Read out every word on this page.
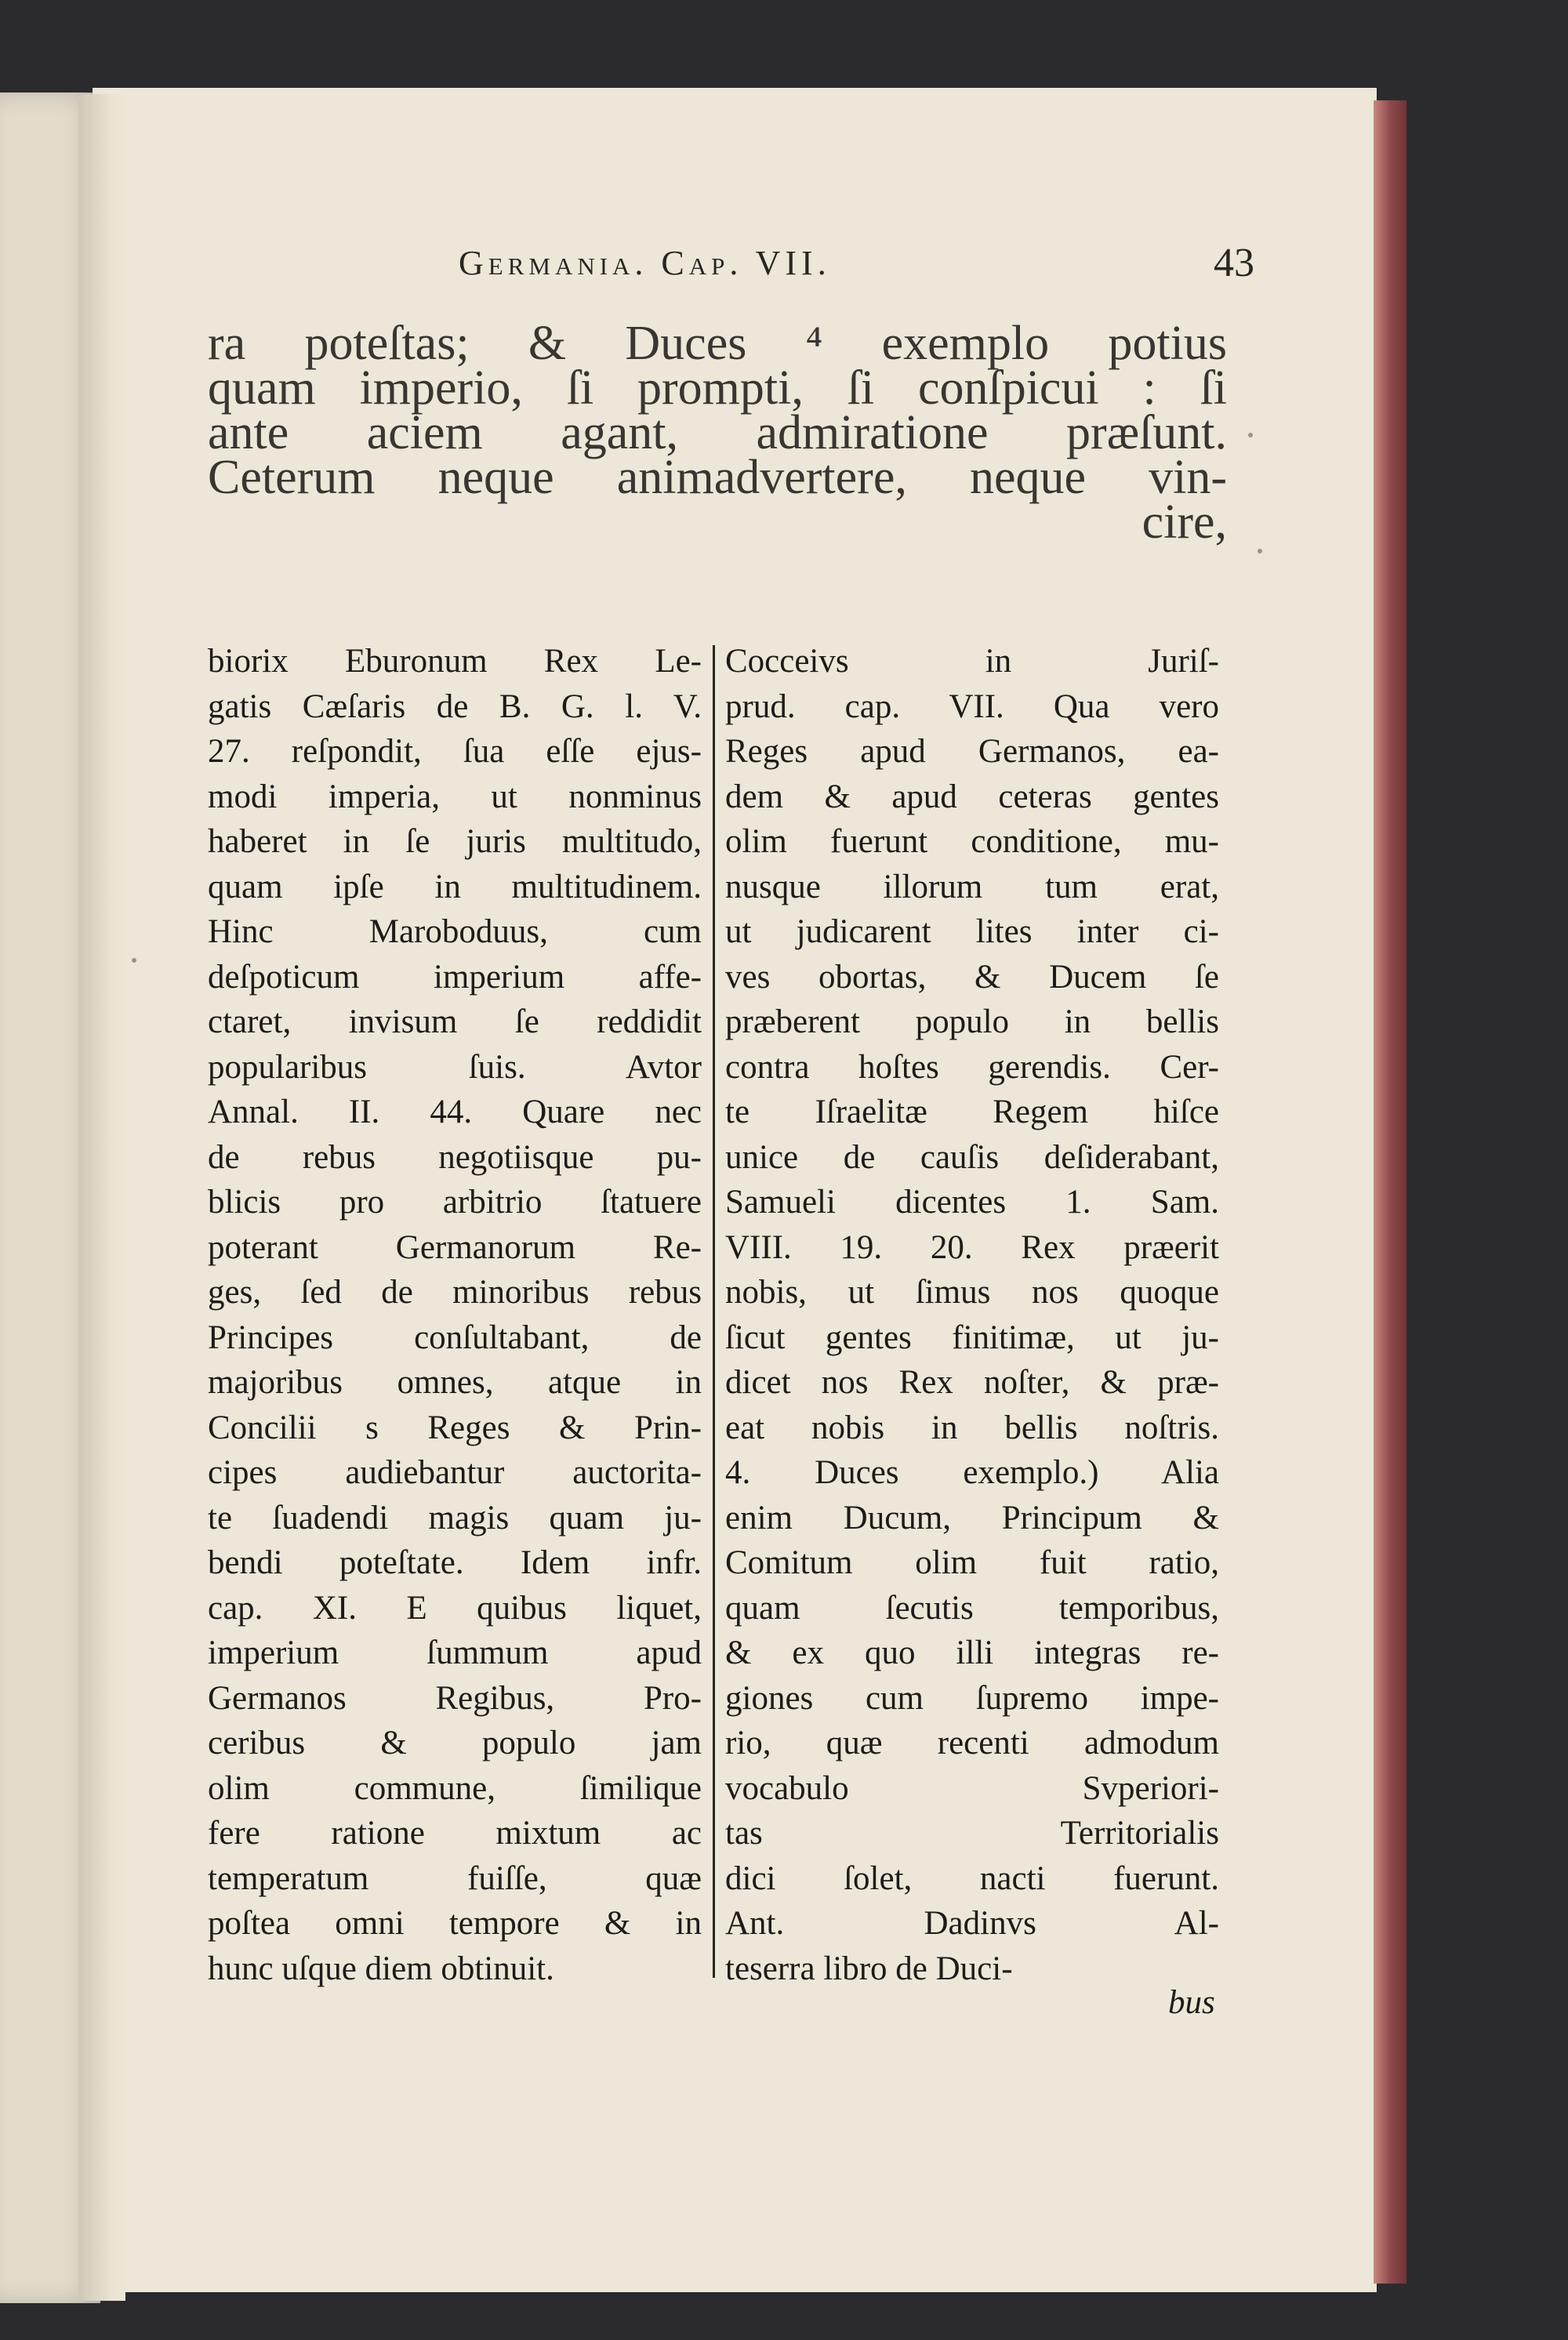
Germania. Cap. VII.	43
ra poteſtas; & Duces ⁴ exemplo potius
quam imperio, ſi prompti, ſi conſpicui : ſi
ante aciem agant, admiratione præſunt.
Ceterum neque animadvertere, neque vin-
cire,
biorix Eburonum Rex Le-
gatis Cæſaris de B. G. l. V.
27. reſpondit, ſua eſſe ejus-
modi imperia, ut nonminus
haberet in ſe juris multitudo,
quam ipſe in multitudinem.
Hinc Maroboduus, cum
deſpoticum imperium affe-
ctaret, invisum ſe reddidit
popularibus ſuis. Avtor
Annal. II. 44. Quare nec
de rebus negotiisque pu-
blicis pro arbitrio ſtatuere
poterant Germanorum Re-
ges, ſed de minoribus rebus
Principes conſultabant, de
majoribus omnes, atque in
Concilii s Reges & Prin-
cipes audiebantur auctorita-
te ſuadendi magis quam ju-
bendi poteſtate. Idem infr.
cap. XI. E quibus liquet,
imperium ſummum apud
Germanos Regibus, Pro-
ceribus & populo jam
olim commune, ſimilique
fere ratione mixtum ac
temperatum fuiſſe, quæ
poſtea omni tempore & in
hunc uſque diem obtinuit.
Cocceivs in Juriſ-
prud. cap. VII. Qua vero
Reges apud Germanos, ea-
dem & apud ceteras gentes
olim fuerunt conditione, mu-
nusque illorum tum erat,
ut judicarent lites inter ci-
ves obortas, & Ducem ſe
præberent populo in bellis
contra hoſtes gerendis. Cer-
te Iſraelitæ Regem hiſce
unice de cauſis deſiderabant,
Samueli dicentes 1. Sam.
VIII. 19. 20. Rex præerit
nobis, ut ſimus nos quoque
ſicut gentes finitimæ, ut ju-
dicet nos Rex noſter, & præ-
eat nobis in bellis noſtris.
4. Duces exemplo.) Alia
enim Ducum, Principum &
Comitum olim fuit ratio,
quam ſecutis temporibus,
& ex quo illi integras re-
giones cum ſupremo impe-
rio, quæ recenti admodum
vocabulo Svperiori-
tas Territorialis
dici ſolet, nacti fuerunt.
Ant. Dadinvs Al-
teserra libro de Duci-
bus
